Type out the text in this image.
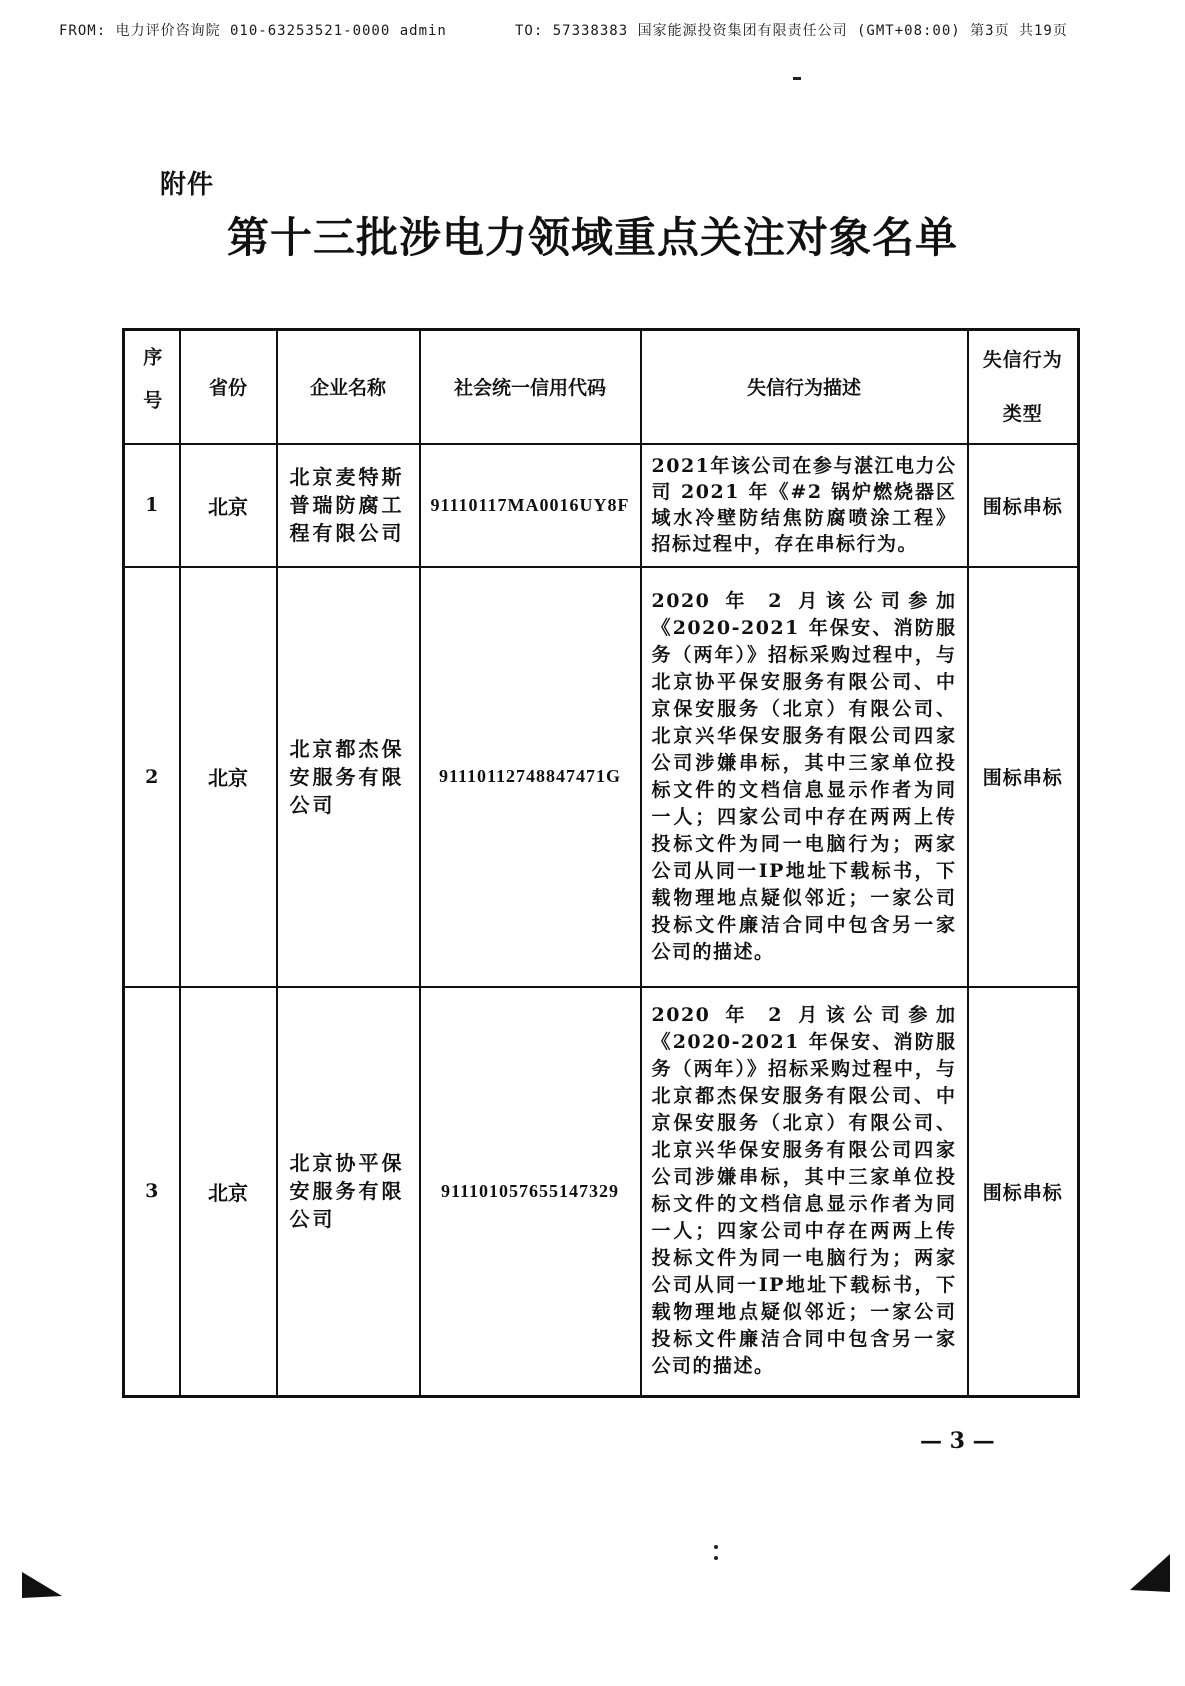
FROM: 电力评价咨询院 010-63253521-0000 admin	TO: 57338383 国家能源投资集团有限责任公司 (GMT+08:00) 第3页 共19页
附件
第十三批涉电力领域重点关注对象名单
序号	省份	企业名称	社会统一信用代码	失信行为描述	失信行为类型
1	北京	北京麦特斯普瑞防腐工程有限公司	91110117MA0016UY8F	2021年该公司在参与湛江电力公司 2021 年《#2 锅炉燃烧器区域水冷壁防结焦防腐喷涂工程》招标过程中，存在串标行为。	围标串标
2	北京	北京都杰保安服务有限公司	91110112748847471G	2020 年 2 月该公司参加《2020-2021 年保安、消防服务（两年）》招标采购过程中，与北京协平保安服务有限公司、中京保安服务（北京）有限公司、北京兴华保安服务有限公司四家公司涉嫌串标，其中三家单位投标文件的文档信息显示作者为同一人；四家公司中存在两两上传投标文件为同一电脑行为；两家公司从同一IP地址下载标书，下载物理地点疑似邻近；一家公司投标文件廉洁合同中包含另一家公司的描述。	围标串标
3	北京	北京协平保安服务有限公司	911101057655147329	2020 年 2 月该公司参加《2020-2021 年保安、消防服务（两年）》招标采购过程中，与北京都杰保安服务有限公司、中京保安服务（北京）有限公司、北京兴华保安服务有限公司四家公司涉嫌串标，其中三家单位投标文件的文档信息显示作者为同一人；四家公司中存在两两上传投标文件为同一电脑行为；两家公司从同一IP地址下载标书，下载物理地点疑似邻近；一家公司投标文件廉洁合同中包含另一家公司的描述。	围标串标
— 3 —
